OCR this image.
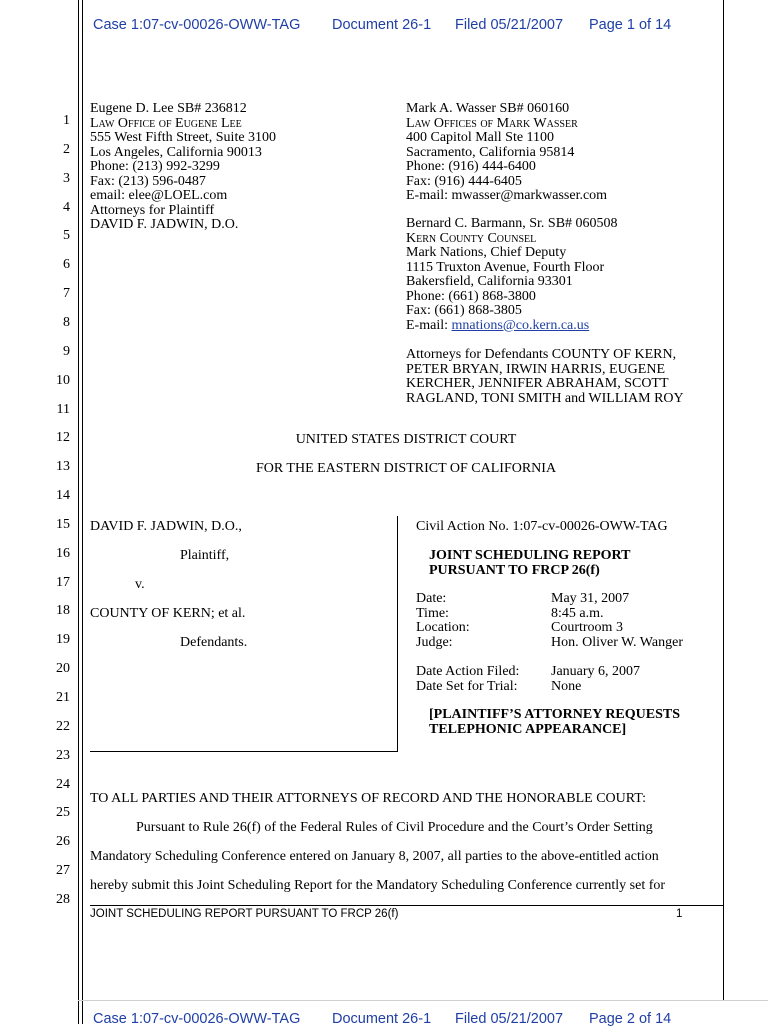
Case 1:07-cv-00026-OWW-TAG Document 26-1 Filed 05/21/2007 Page 1 of 14
1
2
3
4
5
6
7
8
9
10
11
12
13
14
15
16
17
18
19
20
21
22
23
24
25
26
27
28
Eugene D. Lee SB# 236812
Law Office of Eugene Lee
555 West Fifth Street, Suite 3100
Los Angeles, California 90013
Phone: (213) 992-3299
Fax: (213) 596-0487
email: elee@LOEL.com
Attorneys for Plaintiff
DAVID F. JADWIN, D.O.
Mark A. Wasser SB# 060160
Law Offices of Mark Wasser
400 Capitol Mall Ste 1100
Sacramento, California 95814
Phone: (916) 444-6400
Fax: (916) 444-6405
E-mail: mwasser@markwasser.com
Bernard C. Barmann, Sr. SB# 060508
Kern County Counsel
Mark Nations, Chief Deputy
1115 Truxton Avenue, Fourth Floor
Bakersfield, California 93301
Phone: (661) 868-3800
Fax: (661) 868-3805
E-mail: mnations@co.kern.ca.us
Attorneys for Defendants COUNTY OF KERN,
PETER BRYAN, IRWIN HARRIS, EUGENE
KERCHER, JENNIFER ABRAHAM, SCOTT
RAGLAND, TONI SMITH and WILLIAM ROY
UNITED STATES DISTRICT COURT
FOR THE EASTERN DISTRICT OF CALIFORNIA
DAVID F. JADWIN, D.O.,
Plaintiff,
v.
COUNTY OF KERN; et al.
Defendants.
Civil Action No. 1:07-cv-00026-OWW-TAG
JOINT SCHEDULING REPORT
PURSUANT TO FRCP 26(f)
Date:	May 31, 2007
Time:	8:45 a.m.
Location:	Courtroom 3
Judge:	Hon. Oliver W. Wanger
Date Action Filed: January 6, 2007
Date Set for Trial: None
[PLAINTIFF’S ATTORNEY REQUESTS
TELEPHONIC APPEARANCE]
TO ALL PARTIES AND THEIR ATTORNEYS OF RECORD AND THE HONORABLE COURT:
Pursuant to Rule 26(f) of the Federal Rules of Civil Procedure and the Court’s Order Setting
Mandatory Scheduling Conference entered on January 8, 2007, all parties to the above-entitled action
hereby submit this Joint Scheduling Report for the Mandatory Scheduling Conference currently set for
JOINT SCHEDULING REPORT PURSUANT TO FRCP 26(f)	1
Case 1:07-cv-00026-OWW-TAG Document 26-1 Filed 05/21/2007 Page 2 of 14
